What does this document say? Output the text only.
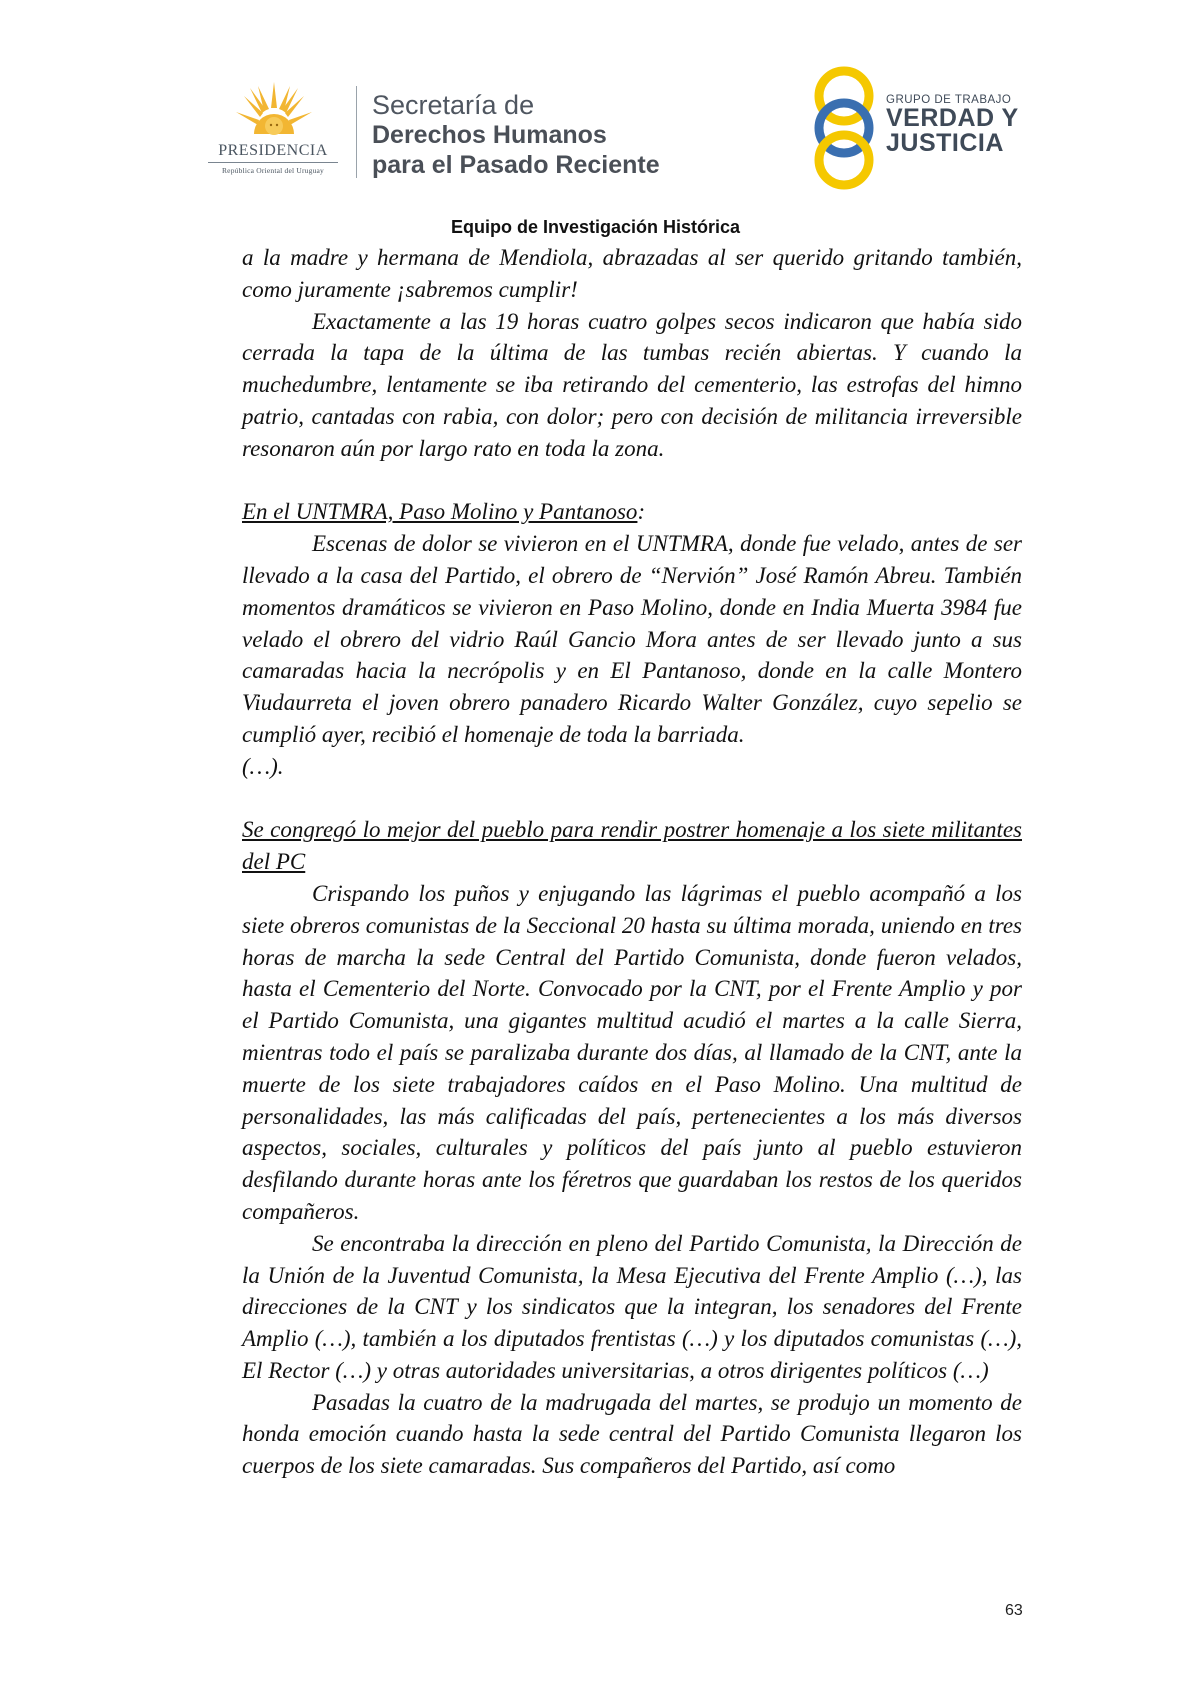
PRESIDENCIA
República Oriental del Uruguay
Secretaría de
Derechos Humanos
para el Pasado Reciente
GRUPO DE TRABAJO
VERDAD Y
JUSTICIA
Equipo de Investigación Histórica

a la madre y hermana de Mendiola, abrazadas al ser querido gritando también, como juramente ¡sabremos cumplir!

Exactamente a las 19 horas cuatro golpes secos indicaron que había sido cerrada la tapa de la última de las tumbas recién abiertas. Y cuando la muchedumbre, lentamente se iba retirando del cementerio, las estrofas del himno patrio, cantadas con rabia, con dolor; pero con decisión de militancia irreversible resonaron aún por largo rato en toda la zona.

En el UNTMRA, Paso Molino y Pantanoso:

Escenas de dolor se vivieron en el UNTMRA, donde fue velado, antes de ser llevado a la casa del Partido, el obrero de “Nervión” José Ramón Abreu. También momentos dramáticos se vivieron en Paso Molino, donde en India Muerta 3984 fue velado el obrero del vidrio Raúl Gancio Mora antes de ser llevado junto a sus camaradas hacia la necrópolis y en El Pantanoso, donde en la calle Montero Viudaurreta el joven obrero panadero Ricardo Walter González, cuyo sepelio se cumplió ayer, recibió el homenaje de toda la barriada.

(…).

Se congregó lo mejor del pueblo para rendir postrer homenaje a los siete militantes del PC

Crispando los puños y enjugando las lágrimas el pueblo acompañó a los siete obreros comunistas de la Seccional 20 hasta su última morada, uniendo en tres horas de marcha la sede Central del Partido Comunista, donde fueron velados, hasta el Cementerio del Norte. Convocado por la CNT, por el Frente Amplio y por el Partido Comunista, una gigantes multitud acudió el martes a la calle Sierra, mientras todo el país se paralizaba durante dos días, al llamado de la CNT, ante la muerte de los siete trabajadores caídos en el Paso Molino. Una multitud de personalidades, las más calificadas del país, pertenecientes a los más diversos aspectos, sociales, culturales y políticos del país junto al pueblo estuvieron desfilando durante horas ante los féretros que guardaban los restos de los queridos compañeros.

Se encontraba la dirección en pleno del Partido Comunista, la Dirección de la Unión de la Juventud Comunista, la Mesa Ejecutiva del Frente Amplio (…), las direcciones de la CNT y los sindicatos que la integran, los senadores del Frente Amplio (…), también a los diputados frentistas (…) y los diputados comunistas (…), El Rector (…) y otras autoridades universitarias, a otros dirigentes políticos (…)

Pasadas la cuatro de la madrugada del martes, se produjo un momento de honda emoción cuando hasta la sede central del Partido Comunista llegaron los cuerpos de los siete camaradas. Sus compañeros del Partido, así como

63
